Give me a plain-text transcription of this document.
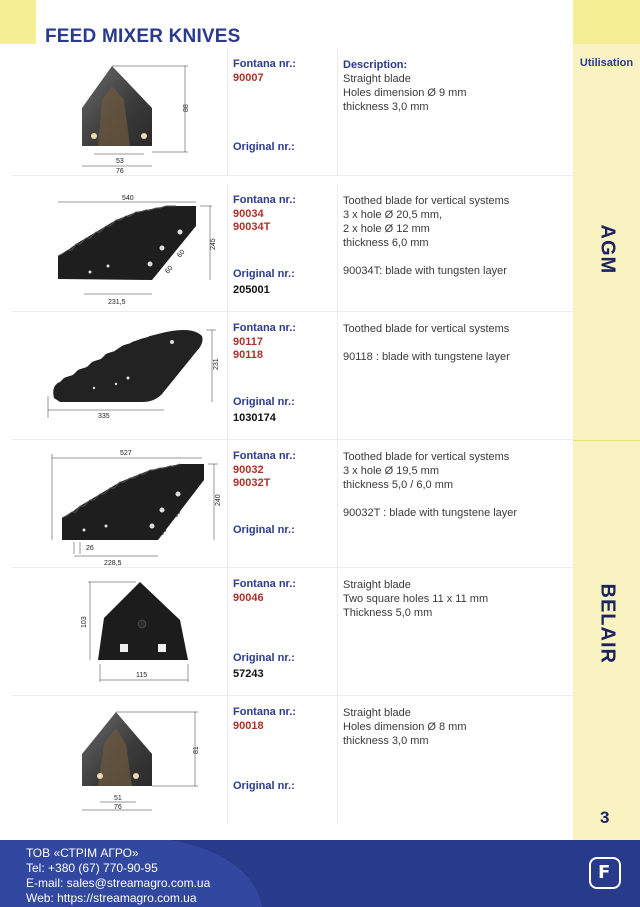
FEED MIXER KNIVES
Utilisation
AGM
BELAIR
3
88
53
76
Fontana nr.:
90007
Original nr.:
Straight blade
Holes dimension Ø 9 mm
thickness 3,0 mm
Description:
540
245
231,5
60
60
Fontana nr.:
90034
90034T
Original nr.:
205001
Toothed blade for vertical systems
3 x hole Ø 20,5 mm,
2 x hole Ø 12 mm
thickness 6,0 mm

90034T: blade with tungsten layer
231
335
Fontana nr.:
90117
90118
Original nr.:
1030174
Toothed blade for vertical systems

90118 : blade with tungstene layer
527
240
26
228,5
60
60
Fontana nr.:
90032
90032T
Original nr.:
Toothed blade for vertical systems
3 x hole Ø 19,5 mm
thickness 5,0 / 6,0 mm

90032T : blade with tungstene layer
103
115
Fontana nr.:
90046
Original nr.:
57243
Straight blade
Two square holes 11 x 11 mm
Thickness 5,0 mm
81
51
76
Fontana nr.:
90018
Original nr.:
Straight blade
Holes dimension Ø 8 mm
thickness 3,0 mm
ТОВ «СТРІМ АГРО»
Tel: +380 (67) 770-90-95
E-mail: sales@streamagro.com.ua
Web: https://streamagro.com.ua
F
